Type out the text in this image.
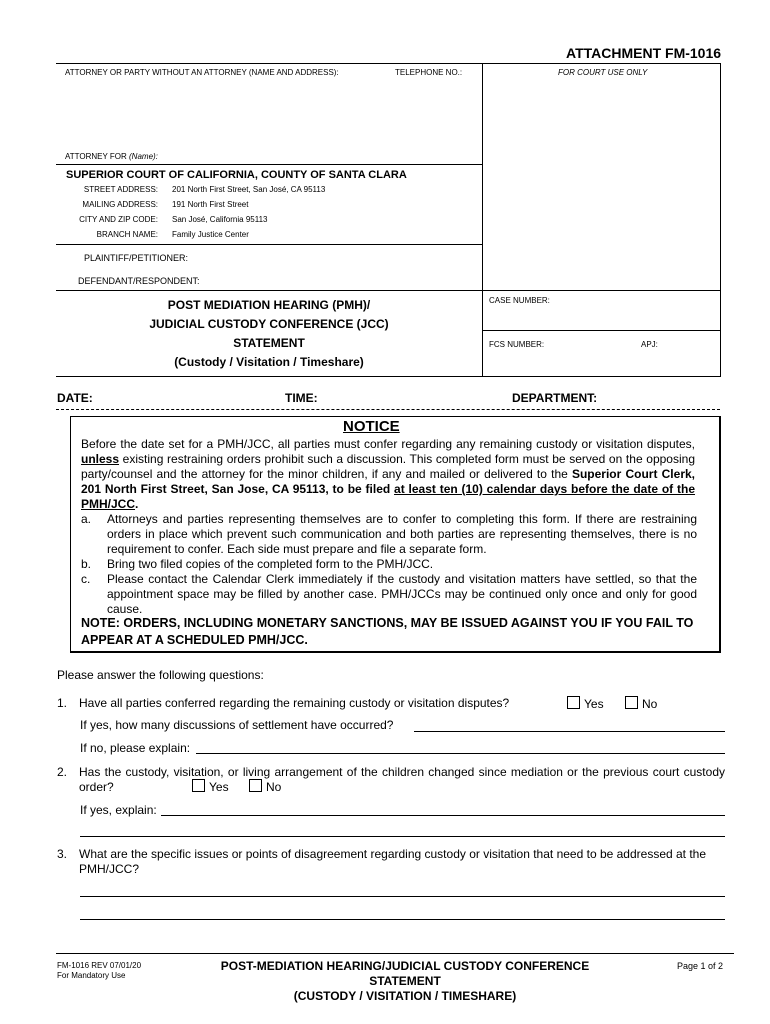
ATTACHMENT FM-1016
ATTORNEY OR PARTY WITHOUT AN ATTORNEY (NAME AND ADDRESS):	TELEPHONE NO.:	FOR COURT USE ONLY
ATTORNEY FOR (Name):
SUPERIOR COURT OF CALIFORNIA, COUNTY OF SANTA CLARA
STREET ADDRESS: 201 North First Street, San José, CA 95113
MAILING ADDRESS: 191 North First Street
CITY AND ZIP CODE: San José, California 95113
BRANCH NAME: Family Justice Center
PLAINTIFF/PETITIONER:
DEFENDANT/RESPONDENT:
POST MEDIATION HEARING (PMH)/
JUDICIAL CUSTODY CONFERENCE (JCC)
STATEMENT
(Custody / Visitation / Timeshare)
CASE NUMBER:
FCS NUMBER:	APJ:
DATE:	TIME:	DEPARTMENT:
NOTICE
Before the date set for a PMH/JCC, all parties must confer regarding any remaining custody or visitation disputes, unless existing restraining orders prohibit such a discussion. This completed form must be served on the opposing party/counsel and the attorney for the minor children, if any and mailed or delivered to the Superior Court Clerk, 201 North First Street, San Jose, CA 95113, to be filed at least ten (10) calendar days before the date of the PMH/JCC.
a. Attorneys and parties representing themselves are to confer to completing this form. If there are restraining orders in place which prevent such communication and both parties are representing themselves, there is no requirement to confer. Each side must prepare and file a separate form.
b. Bring two filed copies of the completed form to the PMH/JCC.
c. Please contact the Calendar Clerk immediately if the custody and visitation matters have settled, so that the appointment space may be filled by another case. PMH/JCCs may be continued only once and only for good cause.
NOTE: ORDERS, INCLUDING MONETARY SANCTIONS, MAY BE ISSUED AGAINST YOU IF YOU FAIL TO APPEAR AT A SCHEDULED PMH/JCC.
Please answer the following questions:
1. Have all parties conferred regarding the remaining custody or visitation disputes?	Yes	No
If yes, how many discussions of settlement have occurred?
If no, please explain:
2. Has the custody, visitation, or living arrangement of the children changed since mediation or the previous court custody order?	Yes	No
If yes, explain:
3. What are the specific issues or points of disagreement regarding custody or visitation that need to be addressed at the PMH/JCC?
FM-1016 REV 07/01/20
For Mandatory Use
POST-MEDIATION HEARING/JUDICIAL CUSTODY CONFERENCE
STATEMENT
(CUSTODY / VISITATION / TIMESHARE)
Page 1 of 2
